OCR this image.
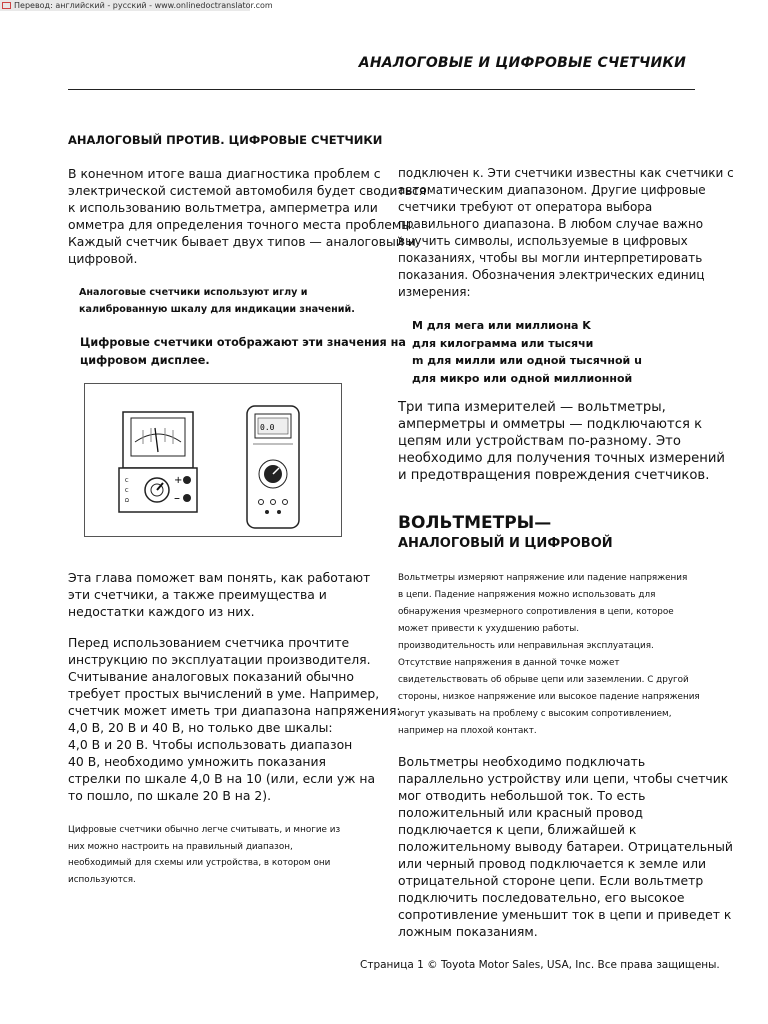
Перевод: английский - русский - www.onlinedoctranslator.com
АНАЛОГОВЫЕ И ЦИФРОВЫЕ СЧЕТЧИКИ
АНАЛОГОВЫЙ ПРОТИВ. ЦИФРОВЫЕ СЧЕТЧИКИ

В конечном итоге ваша диагностика проблем с

электрической системой автомобиля будет сводиться

к использованию вольтметра, амперметра или

омметра для определения точного места проблемы.

Каждый счетчик бывает двух типов — аналоговый и

цифровой.

Аналоговые счетчики используют иглу и

калиброванную шкалу для индикации значений.

Цифровые счетчики отображают эти значения на

цифровом дисплее.

+
–
C
C
Ω
0.0

Эта глава поможет вам понять, как работают

эти счетчики, а также преимущества и

недостатки каждого из них.

Перед использованием счетчика прочтите

инструкцию по эксплуатации производителя.

Считывание аналоговых показаний обычно

требует простых вычислений в уме. Например,

счетчик может иметь три диапазона напряжения:

4,0 В, 20 В и 40 В, но только две шкалы:

4,0 В и 20 В. Чтобы использовать диапазон

40 В, необходимо умножить показания

стрелки по шкале 4,0 В на 10 (или, если уж на

то пошло, по шкале 20 В на 2).

Цифровые счетчики обычно легче считывать, и многие из

них можно настроить на правильный диапазон,

необходимый для схемы или устройства, в котором они

используются.

подключен к. Эти счетчики известны как счетчики с

автоматическим диапазоном. Другие цифровые

счетчики требуют от оператора выбора

правильного диапазона. В любом случае важно

выучить символы, используемые в цифровых

показаниях, чтобы вы могли интерпретировать

показания. Обозначения электрических единиц

измерения:

M для мега или миллиона K

для килограмма или тысячи

m для милли или одной тысячной u

для микро или одной миллионной

Три типа измерителей — вольтметры,

амперметры и омметры — подключаются к

цепям или устройствам по-разному. Это

необходимо для получения точных измерений

и предотвращения повреждения счетчиков.

ВОЛЬТМЕТРЫ—
АНАЛОГОВЫЙ И ЦИФРОВОЙ

Вольтметры измеряют напряжение или падение напряжения

в цепи. Падение напряжения можно использовать для

обнаружения чрезмерного сопротивления в цепи, которое

может привести к ухудшению работы.

производительность или неправильная эксплуатация.

Отсутствие напряжения в данной точке может

свидетельствовать об обрыве цепи или заземлении. С другой

стороны, низкое напряжение или высокое падение напряжения

могут указывать на проблему с высоким сопротивлением,

например на плохой контакт.

Вольтметры необходимо подключать

параллельно устройству или цепи, чтобы счетчик

мог отводить небольшой ток. То есть

положительный или красный провод

подключается к цепи, ближайшей к

положительному выводу батареи. Отрицательный

или черный провод подключается к земле или

отрицательной стороне цепи. Если вольтметр

подключить последовательно, его высокое

сопротивление уменьшит ток в цепи и приведет к

ложным показаниям.

Страница 1 © Toyota Motor Sales, USA, Inc. Все права защищены.
